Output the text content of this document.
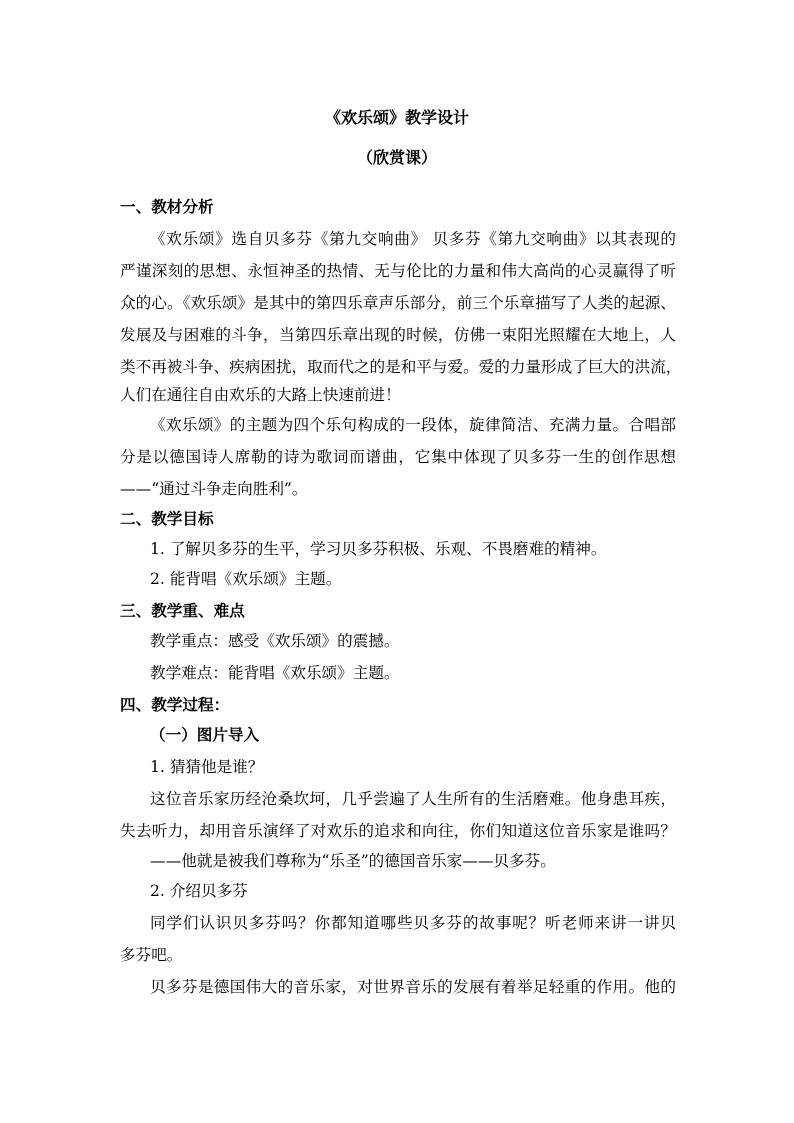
《欢乐颂》教学设计
（欣赏课）
一、教材分析
《欢乐颂》选自贝多芬《第九交响曲》 贝多芬《第九交响曲》以其表现的
严谨深刻的思想、永恒神圣的热情、无与伦比的力量和伟大高尚的心灵赢得了听
众的心。《欢乐颂》是其中的第四乐章声乐部分，前三个乐章描写了人类的起源、
发展及与困难的斗争，当第四乐章出现的时候，仿佛一束阳光照耀在大地上，人
类不再被斗争、疾病困扰，取而代之的是和平与爱。爱的力量形成了巨大的洪流，
人们在通往自由欢乐的大路上快速前进！
《欢乐颂》的主题为四个乐句构成的一段体，旋律简洁、充满力量。合唱部
分是以德国诗人席勒的诗为歌词而谱曲，它集中体现了贝多芬一生的创作思想
——“通过斗争走向胜利”。
二、教学目标
1. 了解贝多芬的生平，学习贝多芬积极、乐观、不畏磨难的精神。
2. 能背唱《欢乐颂》主题。
三、教学重、难点
教学重点：感受《欢乐颂》的震撼。
教学难点：能背唱《欢乐颂》主题。
四、教学过程：
（一）图片导入
1. 猜猜他是谁？
这位音乐家历经沧桑坎坷，几乎尝遍了人生所有的生活磨难。他身患耳疾，
失去听力，却用音乐演绎了对欢乐的追求和向往，你们知道这位音乐家是谁吗？
——他就是被我们尊称为“乐圣”的德国音乐家——贝多芬。
2. 介绍贝多芬
同学们认识贝多芬吗？你都知道哪些贝多芬的故事呢？听老师来讲一讲贝
多芬吧。
贝多芬是德国伟大的音乐家，对世界音乐的发展有着举足轻重的作用。他的
